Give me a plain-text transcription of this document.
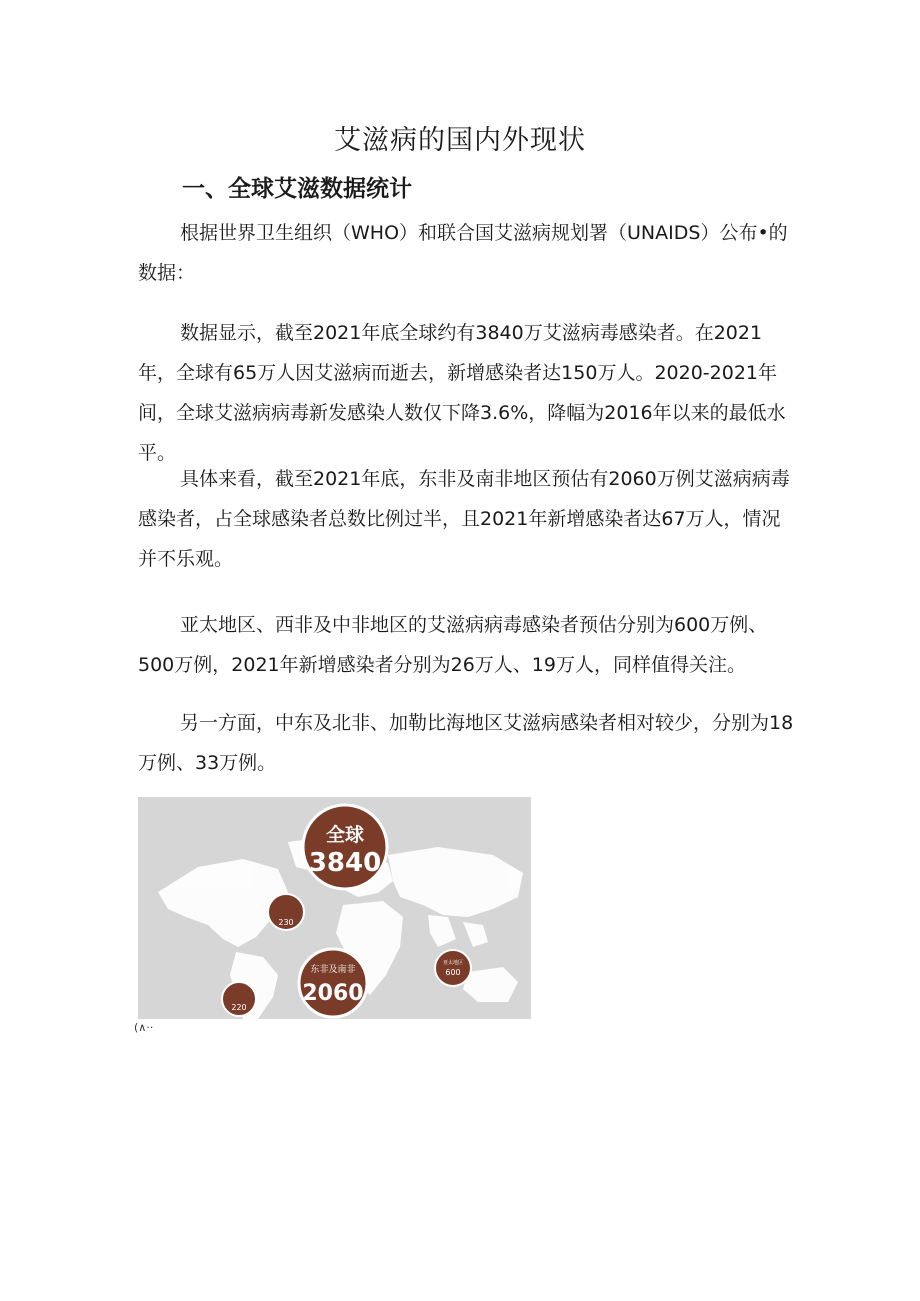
艾滋病的国内外现状
一、全球艾滋数据统计

根据世界卫生组织（WHO）和联合国艾滋病规划署（UNAIDS）公布•的数据：

数据显示，截至2021年底全球约有3840万艾滋病毒感染者。在2021年，全球有65万人因艾滋病而逝去，新增感染者达150万人。2020-2021年间，全球艾滋病病毒新发感染人数仅下降3.6%，降幅为2016年以来的最低水平。

具体来看，截至2021年底，东非及南非地区预估有2060万例艾滋病病毒感染者，占全球感染者总数比例过半，且2021年新增感染者达67万人，情况并不乐观。

亚太地区、西非及中非地区的艾滋病病毒感染者预估分别为600万例、500万例，2021年新增感染者分别为26万人、19万人，同样值得关注。

另一方面，中东及北非、加勒比海地区艾滋病感染者相对较少，分别为18万例、33万例。

全球
3840
东非及南非
2060
亚太地区
600
230
220
(∧··
